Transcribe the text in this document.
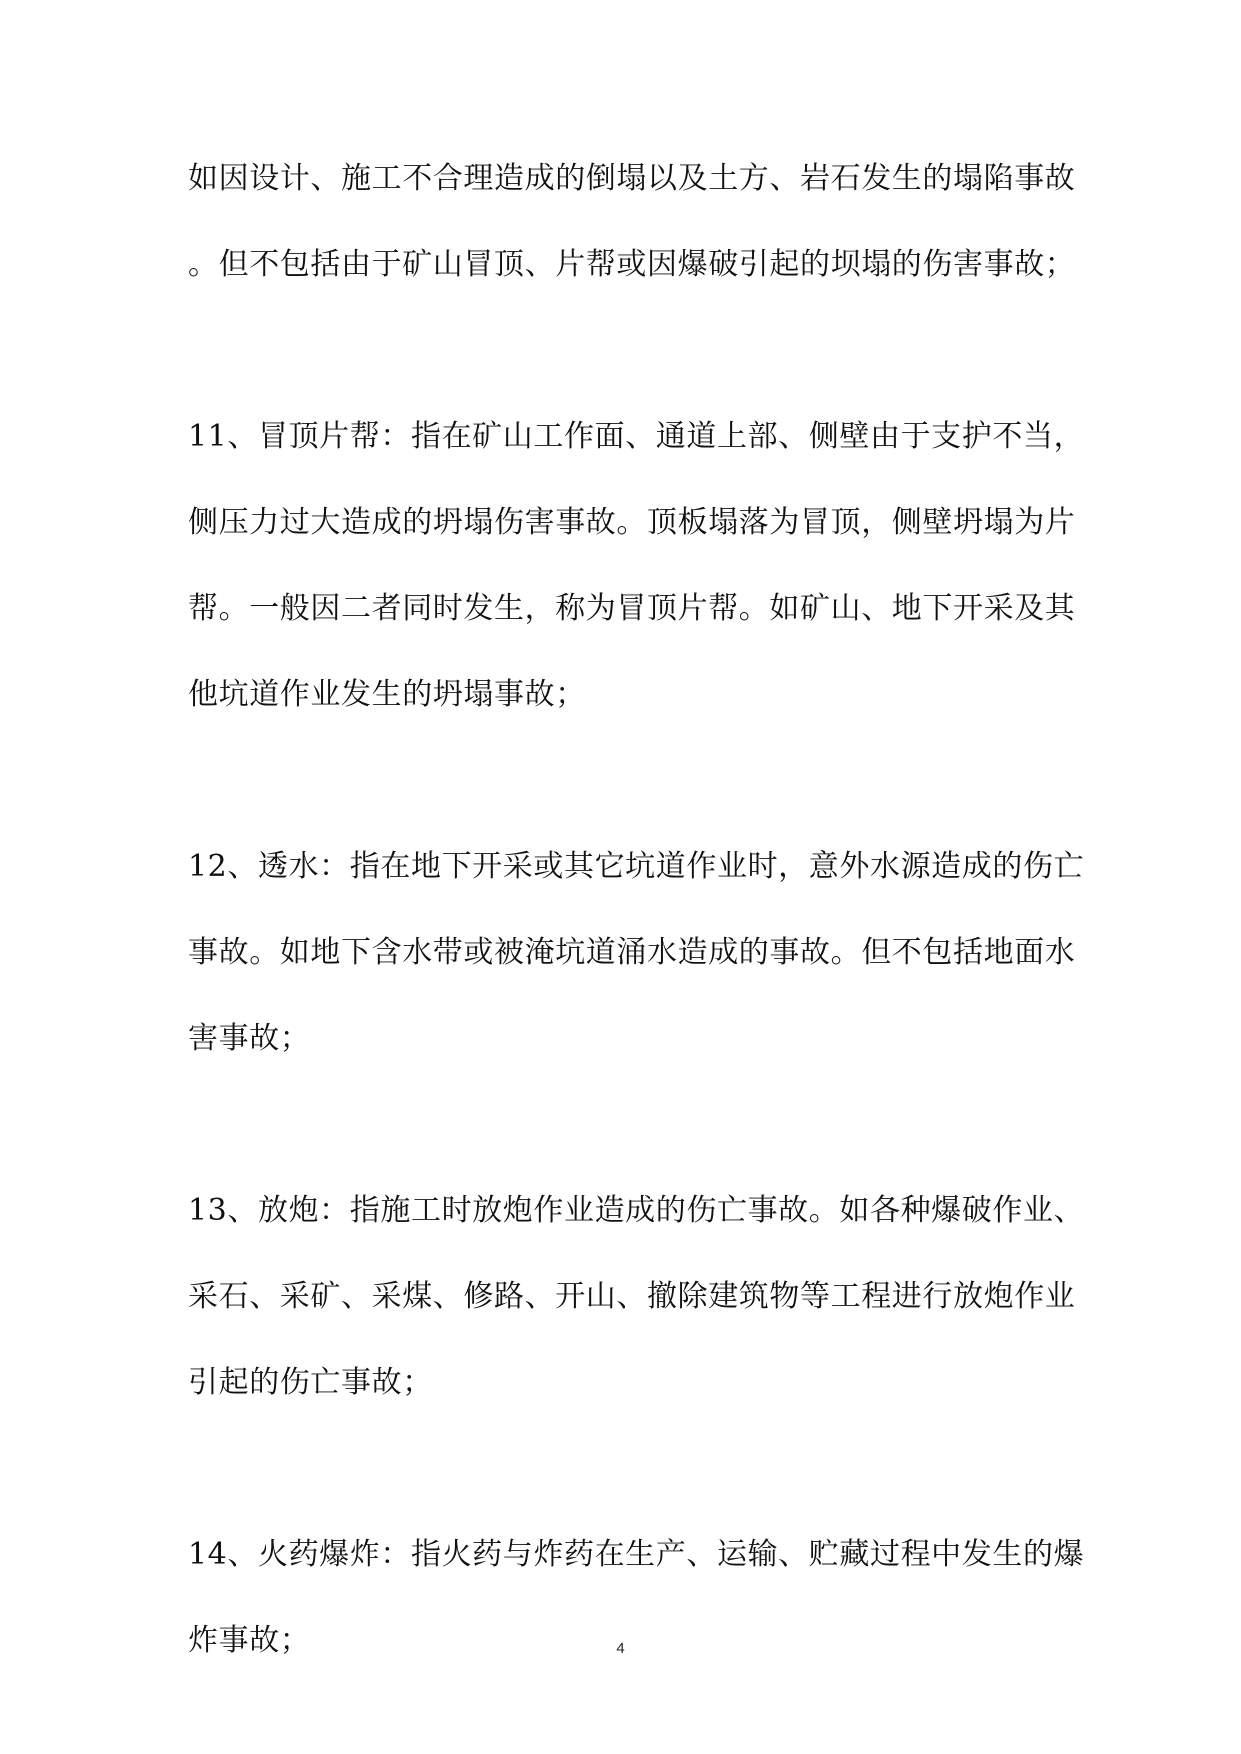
如因设计、施工不合理造成的倒塌以及土方、岩石发生的塌陷事故
。但不包括由于矿山冒顶、片帮或因爆破引起的坝塌的伤害事故；
11、冒顶片帮：指在矿山工作面、通道上部、侧壁由于支护不当，
侧压力过大造成的坍塌伤害事故。顶板塌落为冒顶，侧壁坍塌为片
帮。一般因二者同时发生，称为冒顶片帮。如矿山、地下开采及其
他坑道作业发生的坍塌事故；
12、透水：指在地下开采或其它坑道作业时，意外水源造成的伤亡
事故。如地下含水带或被淹坑道涌水造成的事故。但不包括地面水
害事故；
13、放炮：指施工时放炮作业造成的伤亡事故。如各种爆破作业、
采石、采矿、采煤、修路、开山、撤除建筑物等工程进行放炮作业
引起的伤亡事故；
14、火药爆炸：指火药与炸药在生产、运输、贮藏过程中发生的爆
炸事故；	4
